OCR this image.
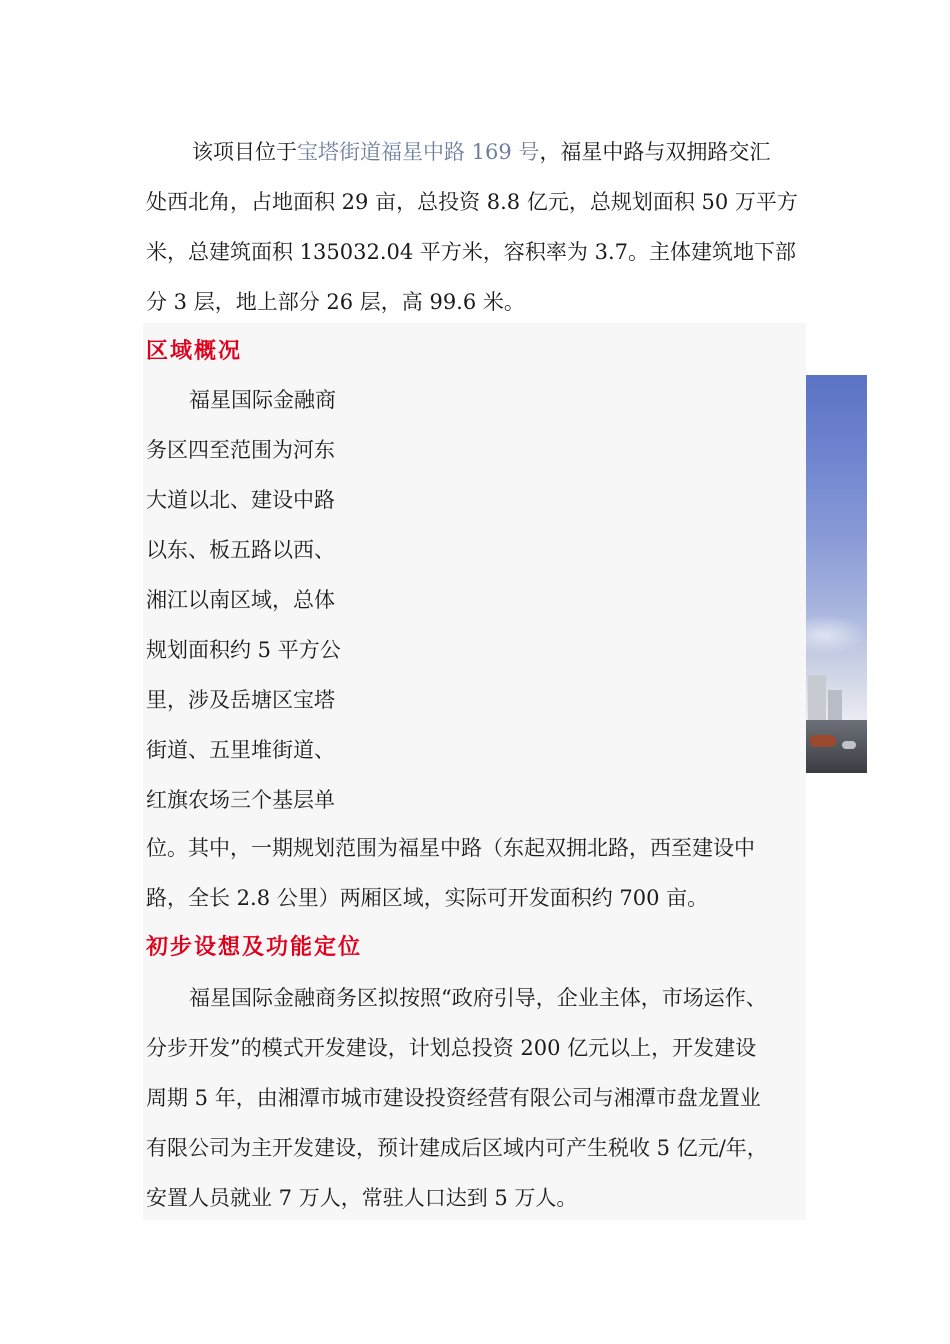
该项目位于宝塔街道福星中路 169 号，福星中路与双拥路交汇
处西北角，占地面积 29 亩，总投资 8.8 亿元，总规划面积 50 万平方
米，总建筑面积 135032.04 平方米，容积率为 3.7。主体建筑地下部
分 3 层，地上部分 26 层，高 99.6 米。
区域概况
福星国际金融商
务区四至范围为河东
大道以北、建设中路
以东、板五路以西、
湘江以南区域，总体
规划面积约 5 平方公
里，涉及岳塘区宝塔
街道、五里堆街道、
红旗农场三个基层单
位。其中，一期规划范围为福星中路（东起双拥北路，西至建设中
路，全长 2.8 公里）两厢区域，实际可开发面积约 700 亩。
初步设想及功能定位
福星国际金融商务区拟按照“政府引导，企业主体，市场运作、
分步开发”的模式开发建设，计划总投资 200 亿元以上，开发建设
周期 5 年，由湘潭市城市建设投资经营有限公司与湘潭市盘龙置业
有限公司为主开发建设，预计建成后区域内可产生税收 5 亿元/年，
安置人员就业 7 万人，常驻人口达到 5 万人。
